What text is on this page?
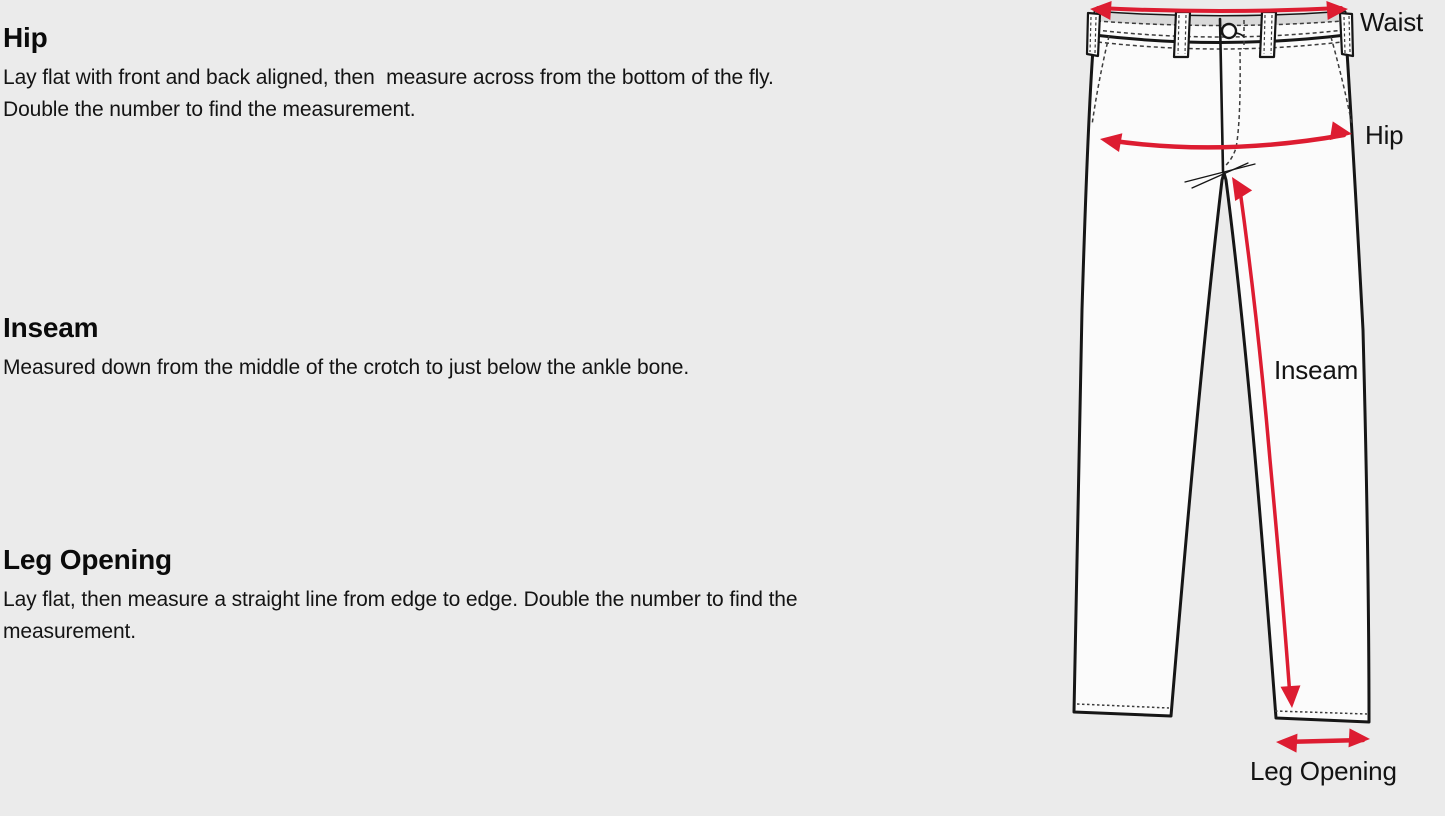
Hip
Lay flat with front and back aligned, then  measure across from the bottom of the fly.
Double the number to find the measurement.
Inseam
Measured down from the middle of the crotch to just below the ankle bone.
Leg Opening
Lay flat, then measure a straight line from edge to edge. Double the number to find the
measurement.
Waist
Hip
Inseam
Leg Opening
